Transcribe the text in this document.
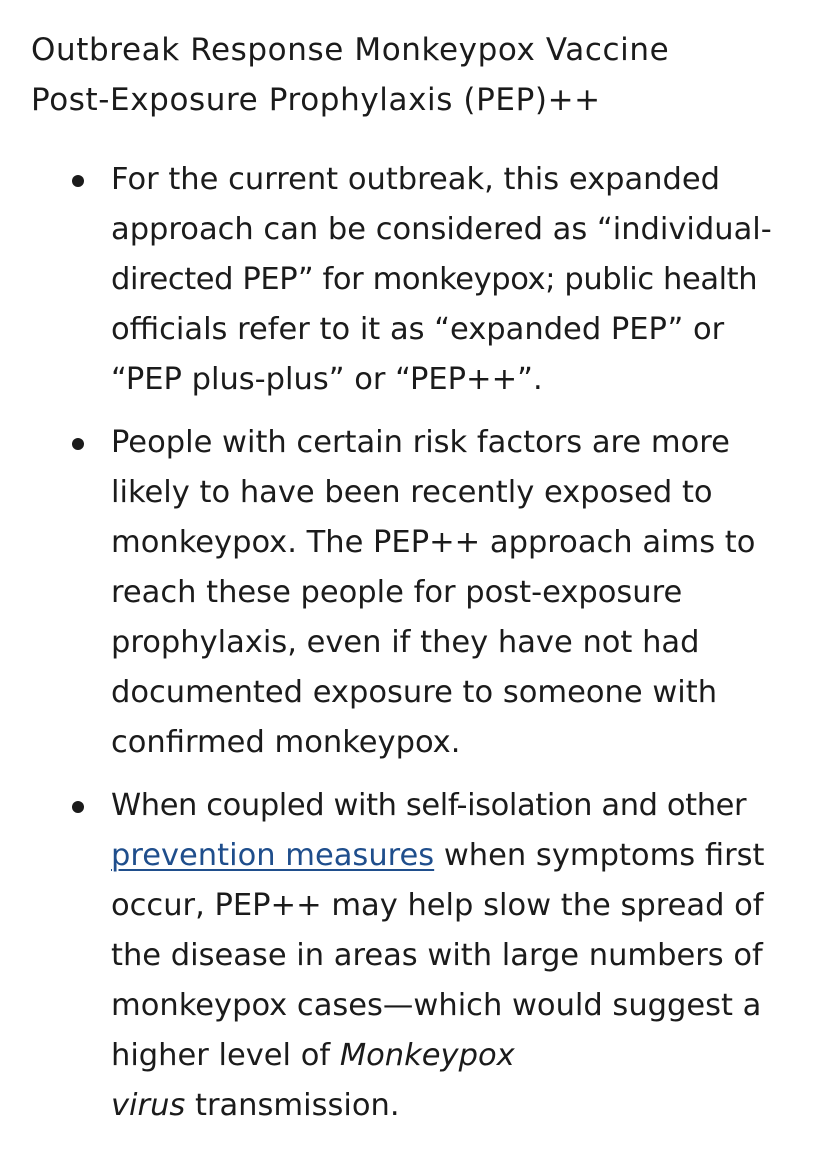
Outbreak Response Monkeypox Vaccine
Post-Exposure Prophylaxis (PEP)++
For the current outbreak, this expanded
approach can be considered as “individual-
directed PEP” for monkeypox; public health
officials refer to it as “expanded PEP” or
“PEP plus-plus” or “PEP++”.
People with certain risk factors are more
likely to have been recently exposed to
monkeypox. The PEP++ approach aims to
reach these people for post-exposure
prophylaxis, even if they have not had
documented exposure to someone with
confirmed monkeypox.
When coupled with self-isolation and other
prevention measures when symptoms first
occur, PEP++ may help slow the spread of
the disease in areas with large numbers of
monkeypox cases—which would suggest a
higher level of Monkeypox
virus transmission.
